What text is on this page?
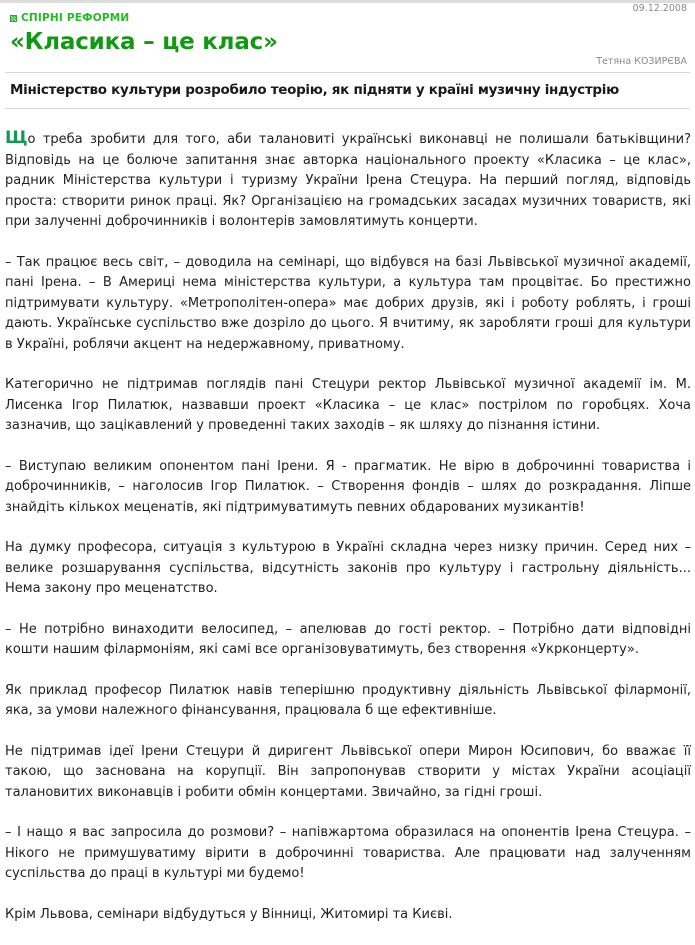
09.12.2008
СПІРНІ РЕФОРМИ
«Класика – це клас»
Тетяна КОЗИРЄВА

Міністерство культури розробило теорію, як підняти у країні музичну індустрію

Що треба зробити для того, аби талановиті українські виконавці не полишали батьківщини? Відповідь на це болюче запитання знає авторка національного проекту «Класика – це клас», радник Міністерства культури і туризму України Ірена Стецура. На перший погляд, відповідь проста: створити ринок праці. Як? Організацією на громадських засадах музичних товариств, які при залученні доброчинників і волонтерів замовлятимуть концерти.

– Так працює весь світ, – доводила на семінарі, що відбувся на базі Львівської музичної академії, пані Ірена. – В Америці нема міністерства культури, а культура там процвітає. Бо престижно підтримувати культуру. «Метрополітен-опера» має добрих друзів, які і роботу роблять, і гроші дають. Українське суспільство вже дозріло до цього. Я вчитиму, як заробляти гроші для культури в Україні, роблячи акцент на недержавному, приватному.

Категорично не підтримав поглядів пані Стецури ректор Львівської музичної академії ім. М. Лисенка Ігор Пилатюк, назвавши проект «Класика – це клас» пострілом по горобцях. Хоча зазначив, що зацікавлений у проведенні таких заходів – як шляху до пізнання істини.

– Виступаю великим опонентом пані Ірени. Я - прагматик. Не вірю в доброчинні товариства і доброчинників, – наголосив Ігор Пилатюк. – Створення фондів – шлях до розкрадання. Ліпше знайдіть кількох меценатів, які підтримуватимуть певних обдарованих музикантів!

На думку професора, ситуація з культурою в Україні складна через низку причин. Серед них – велике розшарування суспільства, відсутність законів про культуру і гастрольну діяльність... Нема закону про меценатство.

– Не потрібно винаходити велосипед, – апелював до гості ректор. – Потрібно дати відповідні кошти нашим філармоніям, які самі все організовуватимуть, без створення «Укрконцерту».

Як приклад професор Пилатюк навів теперішню продуктивну діяльність Львівської філармонії, яка, за умови належного фінансування, працювала б ще ефективніше.

Не підтримав ідеї Ірени Стецури й диригент Львівської опери Мирон Юсипович, бо вважає її такою, що заснована на корупції. Він запропонував створити у містах України асоціації талановитих виконавців і робити обмін концертами. Звичайно, за гідні гроші.

– І нащо я вас запросила до розмови? – напівжартома образилася на опонентів Ірена Стецура. – Нікого не примушуватиму вірити в доброчинні товариства. Але працювати над залученням суспільства до праці в культурі ми будемо!

Крім Львова, семінари відбудуться у Вінниці, Житомирі та Києві.
